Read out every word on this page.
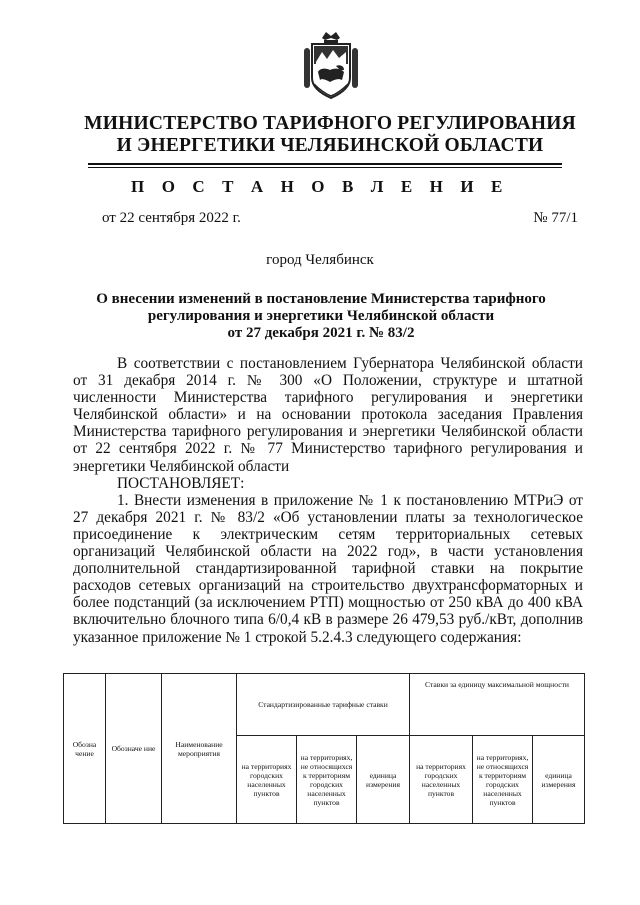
МИНИСТЕРСТВО ТАРИФНОГО РЕГУЛИРОВАНИЯ
И ЭНЕРГЕТИКИ ЧЕЛЯБИНСКОЙ ОБЛАСТИ
П О С Т А Н О В Л Е Н И Е
от 22 сентября 2022 г.	№ 77/1
город Челябинск
О внесении изменений в постановление Министерства тарифного
регулирования и энергетики Челябинской области
от 27 декабря 2021 г. № 83/2

В соответствии с постановлением Губернатора Челябинской области от 31 декабря 2014 г. № 300 «О Положении, структуре и штатной численности Министерства тарифного регулирования и энергетики Челябинской области» и на основании протокола заседания Правления Министерства тарифного регулирования и энергетики Челябинской области от 22 сентября 2022 г. № 77 Министерство тарифного регулирования и энергетики Челябинской области

ПОСТАНОВЛЯЕТ:

1. Внести изменения в приложение № 1 к постановлению МТРиЭ от 27 декабря 2021 г. № 83/2 «Об установлении платы за технологическое присоединение к электрическим сетям территориальных сетевых организаций Челябинской области на 2022 год», в части установления дополнительной стандартизированной тарифной ставки на покрытие расходов сетевых организаций на строительство двухтрансформаторных и более подстанций (за исключением РТП) мощностью от 250 кВА до 400 кВА включительно блочного типа 6/0,4 кВ в размере 26 479,53 руб./кВт, дополнив указанное приложение № 1 строкой 5.2.4.3 следующего содержания:

Обозна чение	Обозначе ние	Наименование мероприятия	Стандартизированные тарифные ставки			Ставки за единицу максимальной мощности		
			на территориях городских населенных пунктов	на территориях, не относящихся к территориям городских населенных пунктов	единица измерения	на территориях городских населенных пунктов	на территориях, не относящихся к территориям городских населенных пунктов	единица измерения
